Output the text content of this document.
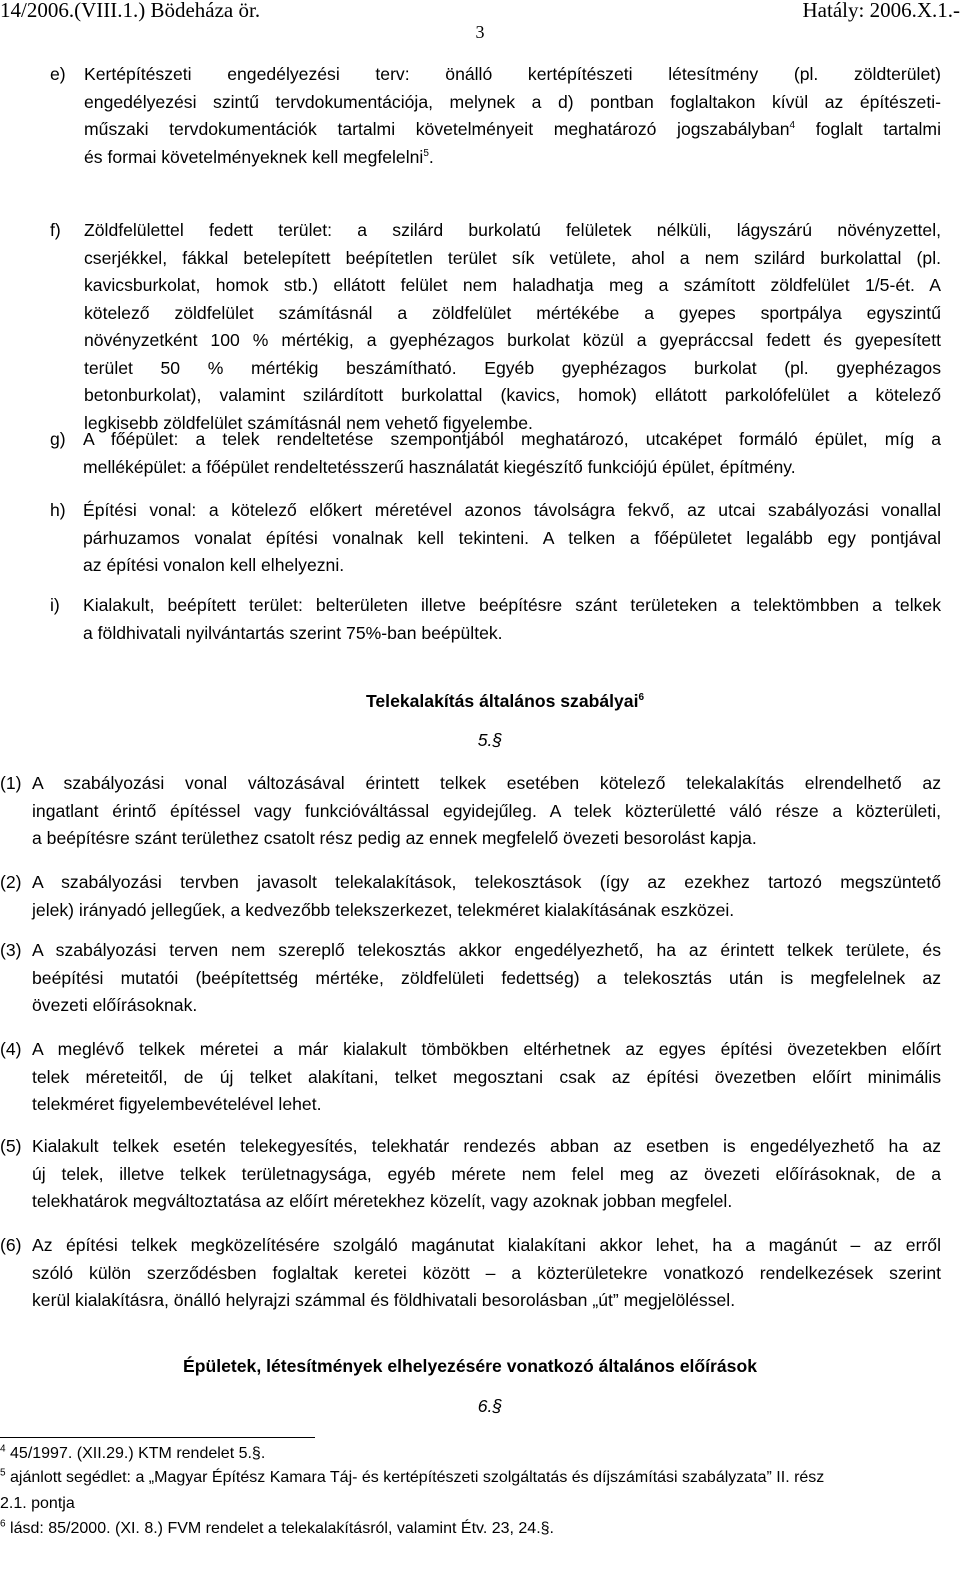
14/2006.(VIII.1.) Bödeháza ör.	Hatály: 2006.X.1.-
3
e) Kertépítészeti engedélyezési terv: önálló kertépítészeti létesítmény (pl. zöldterület)
engedélyezési szintű tervdokumentációja, melynek a d) pontban foglaltakon kívül az építészeti-
műszaki tervdokumentációk tartalmi követelményeit meghatározó jogszabályban$^4$ foglalt tartalmi
és formai követelményeknek kell megfelelni$^5$.
f) Zöldfelülettel fedett terület: a szilárd burkolatú felületek nélküli, lágyszárú növényzettel,
cserjékkel, fákkal betelepített beépítetlen terület sík vetülete, ahol a nem szilárd burkolattal (pl.
kavicsburkolat, homok stb.) ellátott felület nem haladhatja meg a számított zöldfelület 1/5-ét. A
kötelező zöldfelület számításnál a zöldfelület mértékébe a gyepes sportpálya egyszintű
növényzetként 100 % mértékig, a gyephézagos burkolat közül a gyepráccsal fedett és gyepesített
terület 50 % mértékig beszámítható. Egyéb gyephézagos burkolat (pl. gyephézagos
betonburkolat), valamint szilárdított burkolattal (kavics, homok) ellátott parkolófelület a kötelező
legkisebb zöldfelület számításnál nem vehető figyelembe.
g) A főépület: a telek rendeltetése szempontjából meghatározó, utcaképet formáló épület, míg a
melléképület: a főépület rendeltetésszerű használatát kiegészítő funkciójú épület, építmény.
h) Építési vonal: a kötelező előkert méretével azonos távolságra fekvő, az utcai szabályozási vonallal
párhuzamos vonalat építési vonalnak kell tekinteni. A telken a főépületet legalább egy pontjával
az építési vonalon kell elhelyezni.
i) Kialakult, beépített terület: belterületen illetve beépítésre szánt területeken a telektömbben a telkek
a földhivatali nyilvántartás szerint 75%-ban beépültek.
Telekalakítás általános szabályai$^6$
5.§
(1) A szabályozási vonal változásával érintett telkek esetében kötelező telekalakítás elrendelhető az
ingatlant érintő építéssel vagy funkcióváltással egyidejűleg. A telek közterületté váló része a közterületi,
a beépítésre szánt területhez csatolt rész pedig az ennek megfelelő övezeti besorolást kapja.
(2) A szabályozási tervben javasolt telekalakítások, telekosztások (így az ezekhez tartozó megszüntető
jelek) irányadó jellegűek, a kedvezőbb telekszerkezet, telekméret kialakításának eszközei.
(3) A szabályozási terven nem szereplő telekosztás akkor engedélyezhető, ha az érintett telkek területe, és
beépítési mutatói (beépítettség mértéke, zöldfelületi fedettség) a telekosztás után is megfelelnek az
övezeti előírásoknak.
(4) A meglévő telkek méretei a már kialakult tömbökben eltérhetnek az egyes építési övezetekben előírt
telek méreteitől, de új telket alakítani, telket megosztani csak az építési övezetben előírt minimális
telekméret figyelembevételével lehet.
(5) Kialakult telkek esetén telekegyesítés, telekhatár rendezés abban az esetben is engedélyezhető ha az
új telek, illetve telkek területnagysága, egyéb mérete nem felel meg az övezeti előírásoknak, de a
telekhatárok megváltoztatása az előírt méretekhez közelít, vagy azoknak jobban megfelel.
(6) Az építési telkek megközelítésére szolgáló magánutat kialakítani akkor lehet, ha a magánút – az erről
szóló külön szerződésben foglaltak keretei között – a közterületekre vonatkozó rendelkezések szerint
kerül kialakításra, önálló helyrajzi számmal és földhivatali besorolásban „út” megjelöléssel.
Épületek, létesítmények elhelyezésére vonatkozó általános előírások
6.§
$^4$ 45/1997. (XII.29.) KTM rendelet 5.§.
$^5$ ajánlott segédlet: a „Magyar Építész Kamara Táj- és kertépítészeti szolgáltatás és díjszámítási szabályzata” II. rész
2.1. pontja
$^6$ lásd: 85/2000. (XI. 8.) FVM rendelet a telekalakításról, valamint Étv. 23, 24.§.
